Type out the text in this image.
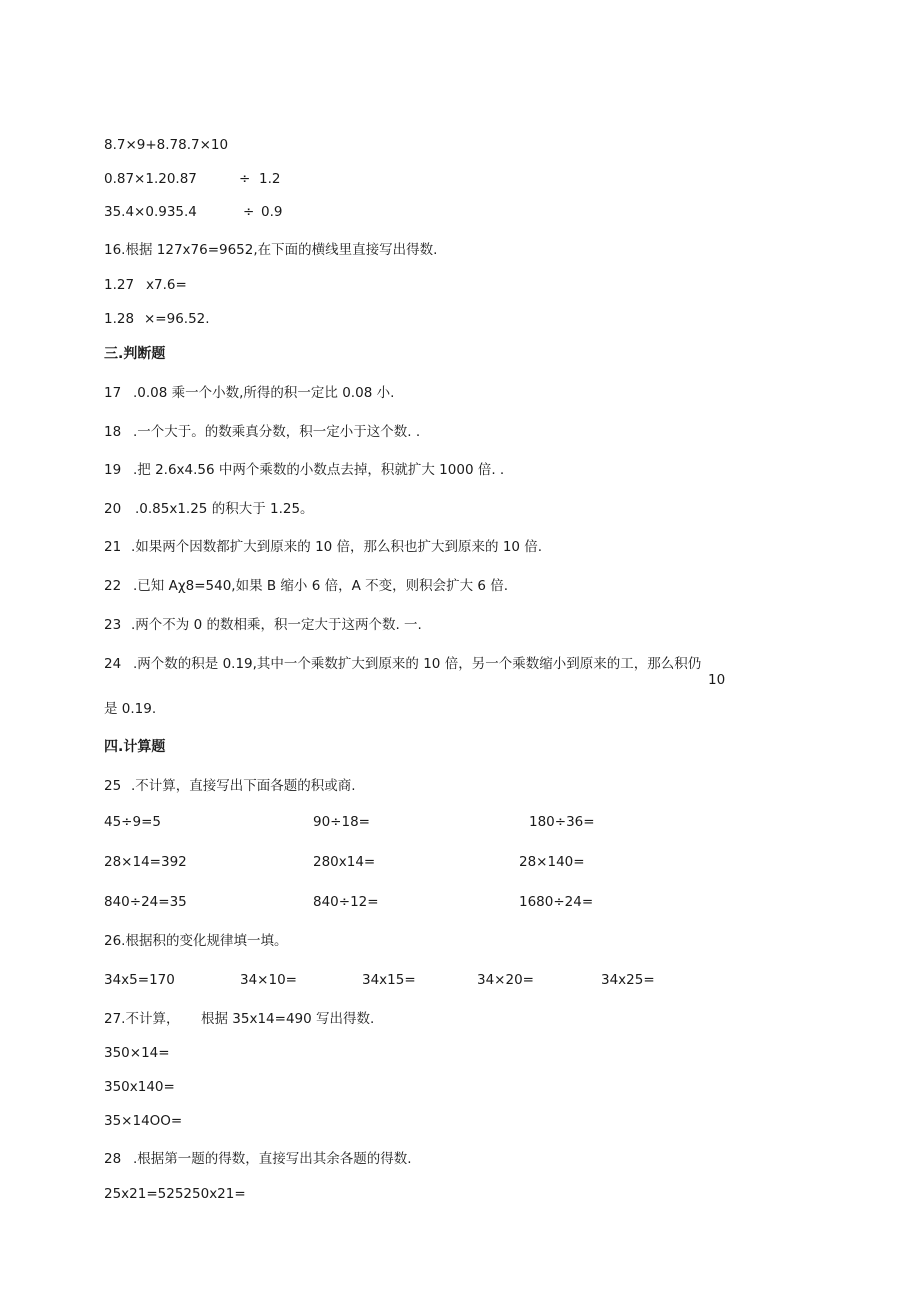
8.7×9+8.78.7×10
0.87×1.20.87	÷ 1.2
35.4×0.935.4	÷ 0.9
16.根据 127x76=9652,在下面的横线里直接写出得数.
1.27 x7.6=
1.28 ×=96.52.
三.判断题
17 .0.08 乘一个小数,所得的积一定比 0.08 小.
18 .一个大于。的数乘真分数，积一定小于这个数. .
19 .把 2.6x4.56 中两个乘数的小数点去掉，积就扩大 1000 倍. .
20 .0.85x1.25 的积大于 1.25。
21 .如果两个因数都扩大到原来的 10 倍，那么积也扩大到原来的 10 倍.
22 .已知 Aχ8=540,如果 B 缩小 6 倍，A 不变，则积会扩大 6 倍.
23 .两个不为 0 的数相乘，积一定大于这两个数. 一.
24 .两个数的积是 0.19,其中一个乘数扩大到原来的 10 倍，另一个乘数缩小到原来的工，那么积仍
10
是 0.19.
四.计算题
25 .不计算，直接写出下面各题的积或商.
45÷9=5	90÷18=	180÷36=
28×14=392	280x14=	28×140=
840÷24=35	840÷12=	1680÷24=
26.根据积的变化规律填一填。
34x5=170	34×10=	34x15=	34×20=	34x25=
27.不计算， 根据 35x14=490 写出得数.
350×14=
350x140=
35×14OO=
28 .根据第一题的得数，直接写出其余各题的得数.
25x21=525250x21=
